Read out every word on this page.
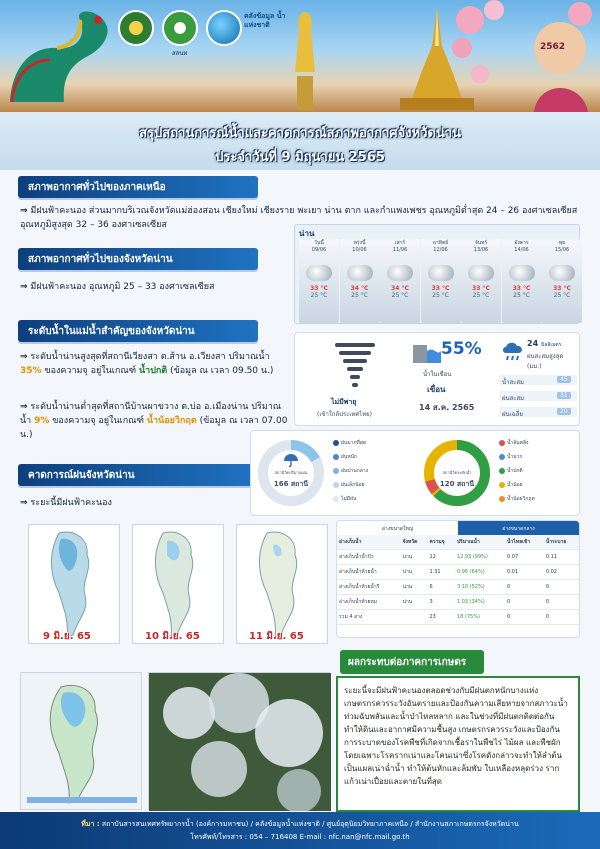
สสนท
คลังข้อมูล น้ำ แห่งชาติ
2562
สรุปสถานการณ์น้ำและคาดการณ์สภาพอากาศจังหวัดน่าน
ประจำวันที่ 9 มิถุนายน 2565
สภาพอากาศทั่วไปของภาคเหนือ
⇒ มีฝนฟ้าคะนอง ส่วนมากบริเวณจังหวัดแม่ฮ่องสอน เชียงใหม่ เชียงราย พะเยา น่าน ตาก และกำแพงเพชร อุณหภูมิต่ำสุด 24 – 26 องศาเซลเซียส อุณหภูมิสูงสุด 32 – 36 องศาเซลเซียส
สภาพอากาศทั่วไปของจังหวัดน่าน
⇒ มีฝนฟ้าคะนอง อุณหภูมิ 25 – 33 องศาเซลเซียส
น่าน
วันนี้
09/06
33 °C
25 °C
พรุ่งนี้
10/06
34 °C
25 °C
เสาร์
11/06
34 °C
25 °C
อาทิตย์
12/06
33 °C
25 °C
จันทร์
13/06
33 °C
25 °C
อังคาร
14/06
33 °C
25 °C
พุธ
15/06
33 °C
25 °C
ระดับน้ำในแม่น้ำสำคัญของจังหวัดน่าน
⇒ ระดับน้ำน่านสูงสุดที่สถานีเวียงสา ต.ส้าน อ.เวียงสา ปริมาณน้ำ 35% ของความจุ อยู่ในเกณฑ์ น้ำปกติ (ข้อมูล ณ เวลา 09.50 น.)
⇒ ระดับน้ำน่านต่ำสุดที่สถานีบ้านผาขวาง ต.บ่อ อ.เมืองน่าน ปริมาณน้ำ 9% ของความจุ อยู่ในเกณฑ์ น้ำน้อยวิกฤต (ข้อมูล ณ เวลา 07.00 น.)
คาดการณ์ฝนจังหวัดน่าน
⇒ ระยะนี้มีฝนฟ้าคะนอง
ไม่มีพายุ
(เข้าใกล้ประเทศไทย)
55%
น้ำในเขื่อน
เขื่อน
14 ส.ค. 2565
24 มิลลิเมตร
ฝนสะสมสูงสุด (มม.)
น้ำสะสม	45
ฝนสะสม	31
ฝนเฉลี่ย	20
สถานีวัดปริมาณฝน
166 สถานี
ฝนมากที่สุด
ฝนหนัก
ฝนปานกลาง
ฝนเล็กน้อย
ไม่มีฝน
สถานีวัดระดับน้ำ
120 สถานี
น้ำล้นตลิ่ง
น้ำมาก
น้ำปกติ
น้ำน้อย
น้ำน้อยวิกฤต
อ่างขนาดใหญ่	อ่างขนาดกลาง
อ่างเก็บน้ำ	จังหวัด	ความจุ	ปริมาณน้ำ	น้ำไหลเข้า	น้ำระบาย
อ่างเก็บน้ำน้ำปัว	น่าน	12	12.93 (99%)	0.07	0.11
อ่างเก็บน้ำห้วยน้ำ	น่าน	1.31	0.96 (64%)	0.01	0.02
อ่างเก็บน้ำห้วยน้ำรี	น่าน	6	3.10 (52%)	0	0
อ่างเก็บน้ำห้วยหม	น่าน	3	1.03 (34%)	0	0
รวม 4 อ่าง		23	18 (75%)	0	0
9 มิ.ย. 65	10 มิ.ย. 65	11 มิ.ย. 65
ผลกระทบต่อภาคการเกษตร
ระยะนี้จะมีฝนฟ้าคะนองตลอดช่วงกับมีฝนตกหนักบางแห่ง เกษตรกรควรระวังอันตรายและป้องกันความเสียหายจากสภาวะน้ำท่วมฉับพลันและน้ำป่าไหลหลาก และในช่วงที่มีฝนตกติดต่อกันทำให้ดินและอากาศมีความชื้นสูง เกษตรกรควรระวังและป้องกันการระบาดของโรคพืชที่เกิดจากเชื้อราในพืชไร่ ไม้ผล และพืชผัก โดยเฉพาะโรครากเน่าและโคนเน่าซึ่งโรคดังกล่าวจะทำให้ลำต้นเป็นแผลเน่าฉ่ำน้ำ ทำให้ต้นหักและล้มพับ ใบเหลืองหลุดร่วง รากแก้วเน่าเปื่อยและตายในที่สุด
ที่มา : สถาบันสารสนเทศทรัพยากรน้ำ (องค์การมหาชน) / คลังข้อมูลน้ำแห่งชาติ / ศูนย์อุตุนิยมวิทยาภาคเหนือ / สำนักงานสภาเกษตรกรจังหวัดน่าน
โทรศัพท์/โทรสาร : 054 – 716408 E-mail : nfc.nan@nfc.mail.go.th
